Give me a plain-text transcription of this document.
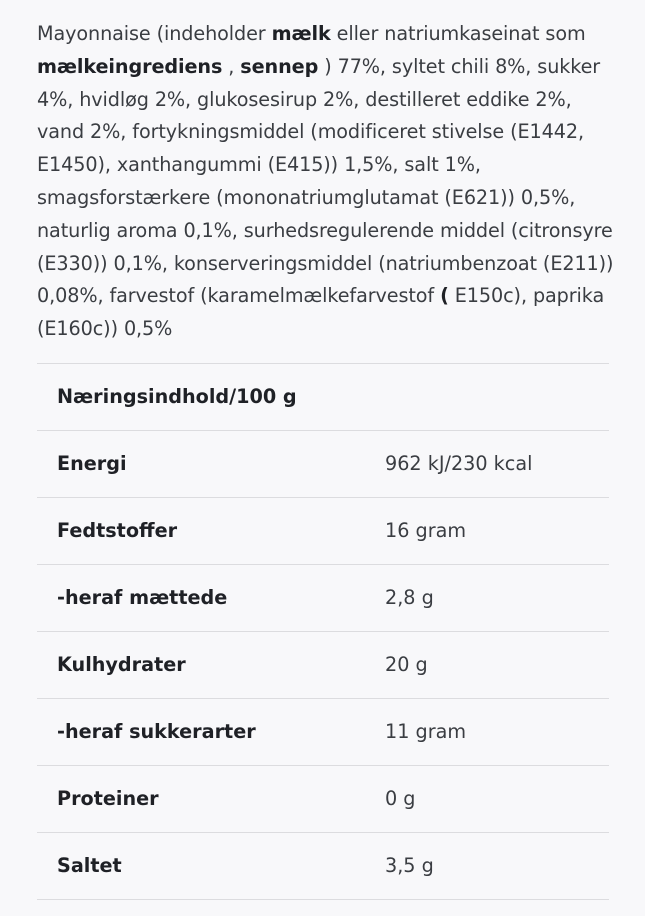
Mayonnaise (indeholder mælk eller natriumkaseinat som mælkeingrediens , sennep ) 77%, syltet chili 8%, sukker 4%, hvidløg 2%, glukosesirup 2%, destilleret eddike 2%, vand 2%, fortykningsmiddel (modificeret stivelse (E1442, E1450), xanthangummi (E415)) 1,5%, salt 1%, smagsforstærkere (mononatriumglutamat (E621)) 0,5%, naturlig aroma 0,1%, surhedsregulerende middel (citronsyre (E330)) 0,1%, konserveringsmiddel (natriumbenzoat (E211)) 0,08%, farvestof (karamelmælkefarvestof ( E150c), paprika (E160c)) 0,5%
Næringsindhold/100 g
Energi	962 kJ/230 kcal
Fedtstoffer	16 gram
-heraf mættede	2,8 g
Kulhydrater	20 g
-heraf sukkerarter	11 gram
Proteiner	0 g
Saltet	3,5 g
